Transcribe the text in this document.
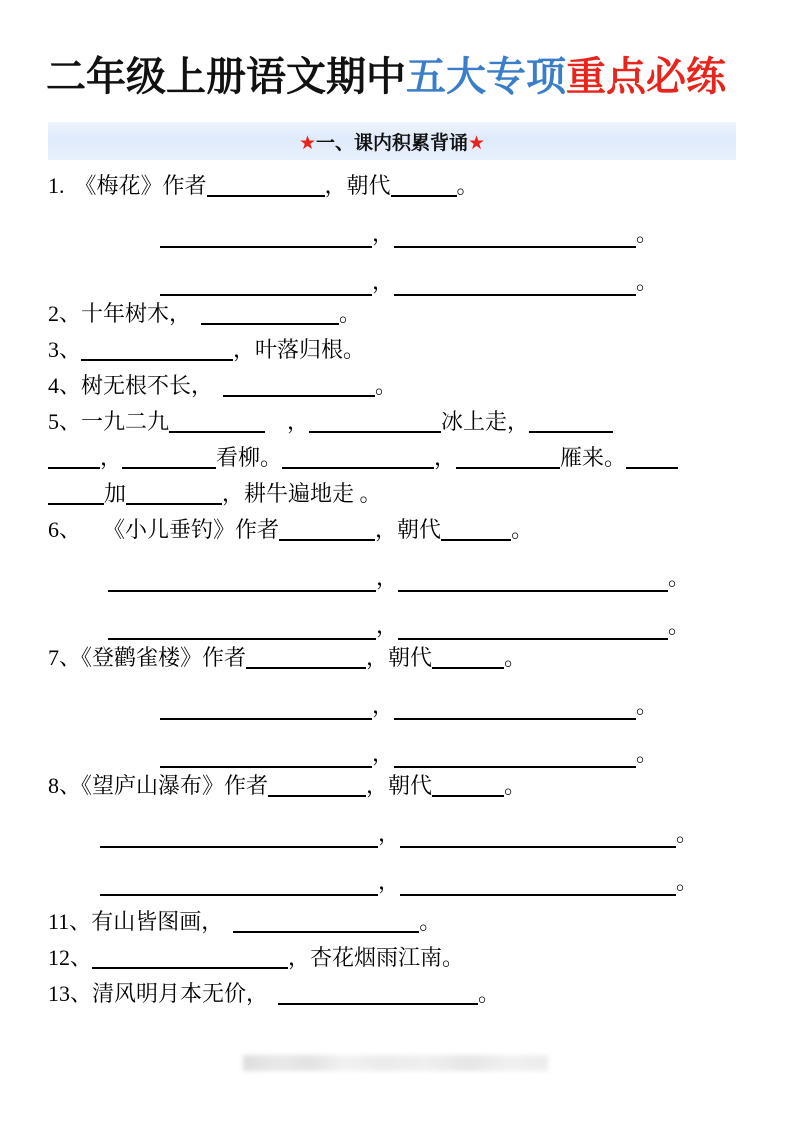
二年级上册语文期中五大专项重点必练
★一、课内积累背诵★
1. 《梅花》作者	，朝代	。
，	。
，	。
2、十年树木，	。
3、	，叶落归根。
4、树无根不长，	。
5、一九二九	，	冰上走，
，	看柳。	，	雁来。
加	，耕牛遍地走 。
6、 《小儿垂钓》作者	，朝代	。
，	。
，	。
7、《登鹳雀楼》作者	，朝代	。
，	。
，	。
8、《望庐山瀑布》作者	，朝代	。
，	。
，	。
11、有山皆图画，	。
12、	，杏花烟雨江南。
13、清风明月本无价，	。
